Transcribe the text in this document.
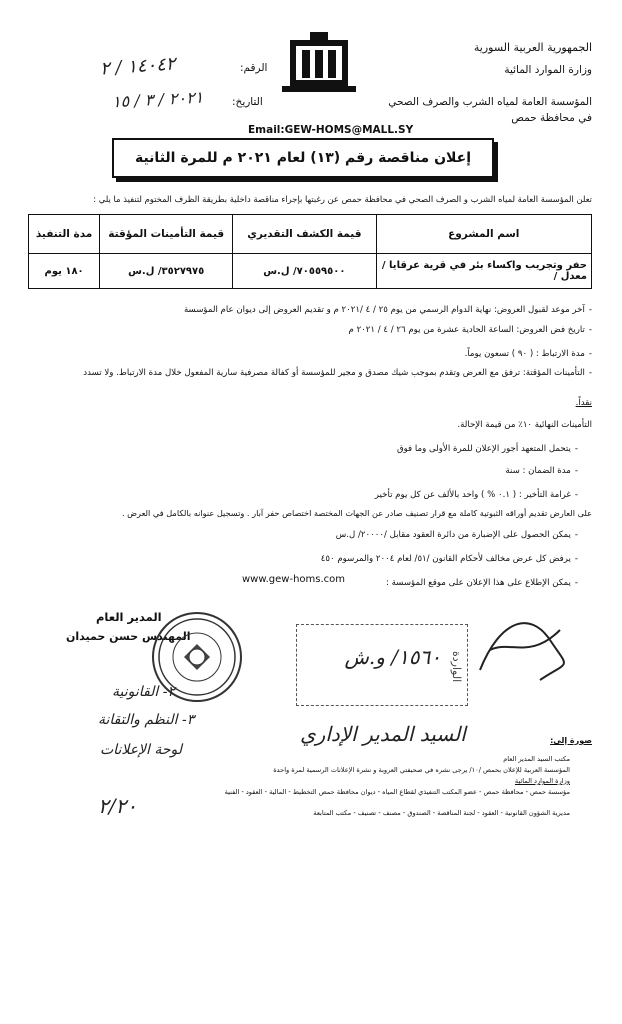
الجمهورية العربية السورية
وزارة الموارد المائية
المؤسسة العامة لمياه الشرب والصرف الصحي
في محافظة حمص
الرقم:
١٤٠٤٢ / ٢
التاريخ:
٢٠٢١ / ٣ / ١٥
Email:GEW-HOMS@MALL.SY
إعلان مناقصة رقم (١٣) لعام ٢٠٢١ م للمرة الثانية
تعلن المؤسسة العامة لمياه الشرب و الصرف الصحي في محافظة حمص عن رغبتها بإجراء مناقصة داخلية بطريقة الظرف المختوم لتنفيذ ما يلي :
اسم المشروع	قيمة الكشف التقديري	قيمة التأمينات المؤقتة	مدة التنفيذ
حفر وتجريب واكساء بئر في قرية عرقايا / معدل /	٧٠٥٥٩٥٠٠/ ل.س	٣٥٢٧٩٧٥/ ل.س	١٨٠ يوم
- آخر موعد لقبول العروض: نهاية الدوام الرسمي من يوم ٢٥ / ٤ /٢٠٢١ م و تقديم العروض إلى ديوان عام المؤسسة
- تاريخ فض العروض: الساعة الحادية عشرة من يوم ٢٦ / ٤ / ٢٠٢١ م
- مدة الارتباط : ( ٩٠ ) تسعون يوماً.
- التأمينات المؤقتة: ترفق مع العرض وتقدم بموجب شيك مصدق و مجير للمؤسسة أو كفالة مصرفية سارية المفعول خلال مدة الارتباط. ولا تسدد
نقداً.
التأمينات النهائية ١٠٪ من قيمة الإحالة.
- يتحمل المتعهد أجور الإعلان للمرة الأولى وما فوق
- مدة الضمان : سنة
- غرامة التأخير : ( ٠.١ % ) واحد بالألف عن كل يوم تأخير
على العارض تقديم أوراقه الثبوتية كاملة مع قرار تصنيف صادر عن الجهات المختصة اختصاص حفر آبار . وتسجيل عنوانه بالكامل في العرض .
- يمكن الحصول على الإضبارة من دائرة العقود مقابل /٢٠٠٠٠/ ل.س
- يرفض كل عرض مخالف لأحكام القانون /٥١/ لعام ٢٠٠٤ والمرسوم ٤٥٠
- يمكن الإطلاع على هذا الإعلان على موقع المؤسسة :
www.gew-homs.com
المدير العام
المهندس حسن حميدان
٢- القانونية
٣- النظم والتقانة
لوحة الإعلانات
٢/٢٠
١٥٦٠/ و.ش الواردة
السيد المدير الإداري	صورة إلى:
مكتب السيد المدير العام
المؤسسة العربية للإعلان بحمص /١٠/ يرجى نشره في صحيفتي العروبة و نشرة الإعلانات الرسمية لمرة واحدة
وزارة الموارد المائية
مؤسسة حمص - محافظة حمص - عضو المكتب التنفيذي لقطاع المياه - ديوان محافظة حمص التخطيط - المالية - العقود - الفنية
مديرية الشؤون القانونية - العقود - لجنة المناقصة - الصندوق - مصنف - تصنيف - مكتب المتابعة
